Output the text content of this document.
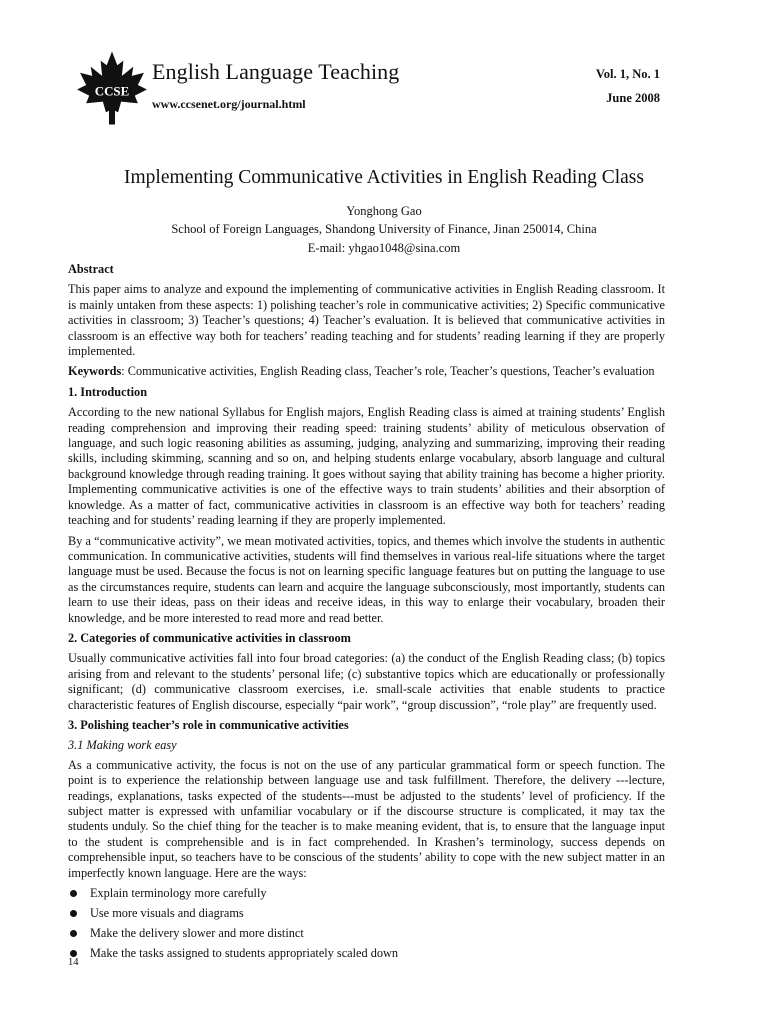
CCSE
English Language Teaching
www.ccsenet.org/journal.html
Vol. 1, No. 1
June 2008
Implementing Communicative Activities in English Reading Class
Yonghong Gao
School of Foreign Languages, Shandong University of Finance, Jinan 250014, China
E-mail: yhgao1048@sina.com
Abstract

This paper aims to analyze and expound the implementing of communicative activities in English Reading classroom. It is mainly untaken from these aspects: 1) polishing teacher’s role in communicative activities; 2) Specific communicative activities in classroom; 3) Teacher’s questions; 4) Teacher’s evaluation. It is believed that communicative activities in classroom is an effective way both for teachers’ reading teaching and for students’ reading learning if they are properly implemented.

Keywords: Communicative activities, English Reading class, Teacher’s role, Teacher’s questions, Teacher’s evaluation

1. Introduction

According to the new national Syllabus for English majors, English Reading class is aimed at training students’ English reading comprehension and improving their reading speed: training students’ ability of meticulous observation of language, and such logic reasoning abilities as assuming, judging, analyzing and summarizing, improving their reading skills, including skimming, scanning and so on, and helping students enlarge vocabulary, absorb language and cultural background knowledge through reading training. It goes without saying that ability training has become a higher priority. Implementing communicative activities is one of the effective ways to train students’ abilities and their absorption of knowledge. As a matter of fact, communicative activities in classroom is an effective way both for teachers’ reading teaching and for students’ reading learning if they are properly implemented.

By a “communicative activity”, we mean motivated activities, topics, and themes which involve the students in authentic communication. In communicative activities, students will find themselves in various real-life situations where the target language must be used. Because the focus is not on learning specific language features but on putting the language to use as the circumstances require, students can learn and acquire the language subconsciously, most importantly, students can learn to use their ideas, pass on their ideas and receive ideas, in this way to enlarge their vocabulary, broaden their knowledge, and be more interested to read more and read better.

2. Categories of communicative activities in classroom

Usually communicative activities fall into four broad categories: (a) the conduct of the English Reading class; (b) topics arising from and relevant to the students’ personal life; (c) substantive topics which are educationally or professionally significant; (d) communicative classroom exercises, i.e. small-scale activities that enable students to practice characteristic features of English discourse, especially “pair work”, “group discussion”, “role play” are frequently used.

3. Polishing teacher’s role in communicative activities
3.1 Making work easy

As a communicative activity, the focus is not on the use of any particular grammatical form or speech function. The point is to experience the relationship between language use and task fulfillment. Therefore, the delivery ---lecture, readings, explanations, tasks expected of the students---must be adjusted to the students’ level of proficiency. If the subject matter is expressed with unfamiliar vocabulary or if the discourse structure is complicated, it may tax the students unduly. So the chief thing for the teacher is to make meaning evident, that is, to ensure that the language input to the student is comprehensible and is in fact comprehended. In Krashen’s terminology, success depends on comprehensible input, so teachers have to be conscious of the students’ ability to cope with the new subject matter in an imperfectly known language. Here are the ways:

Explain terminology more carefully
Use more visuals and diagrams
Make the delivery slower and more distinct
Make the tasks assigned to students appropriately scaled down
14
